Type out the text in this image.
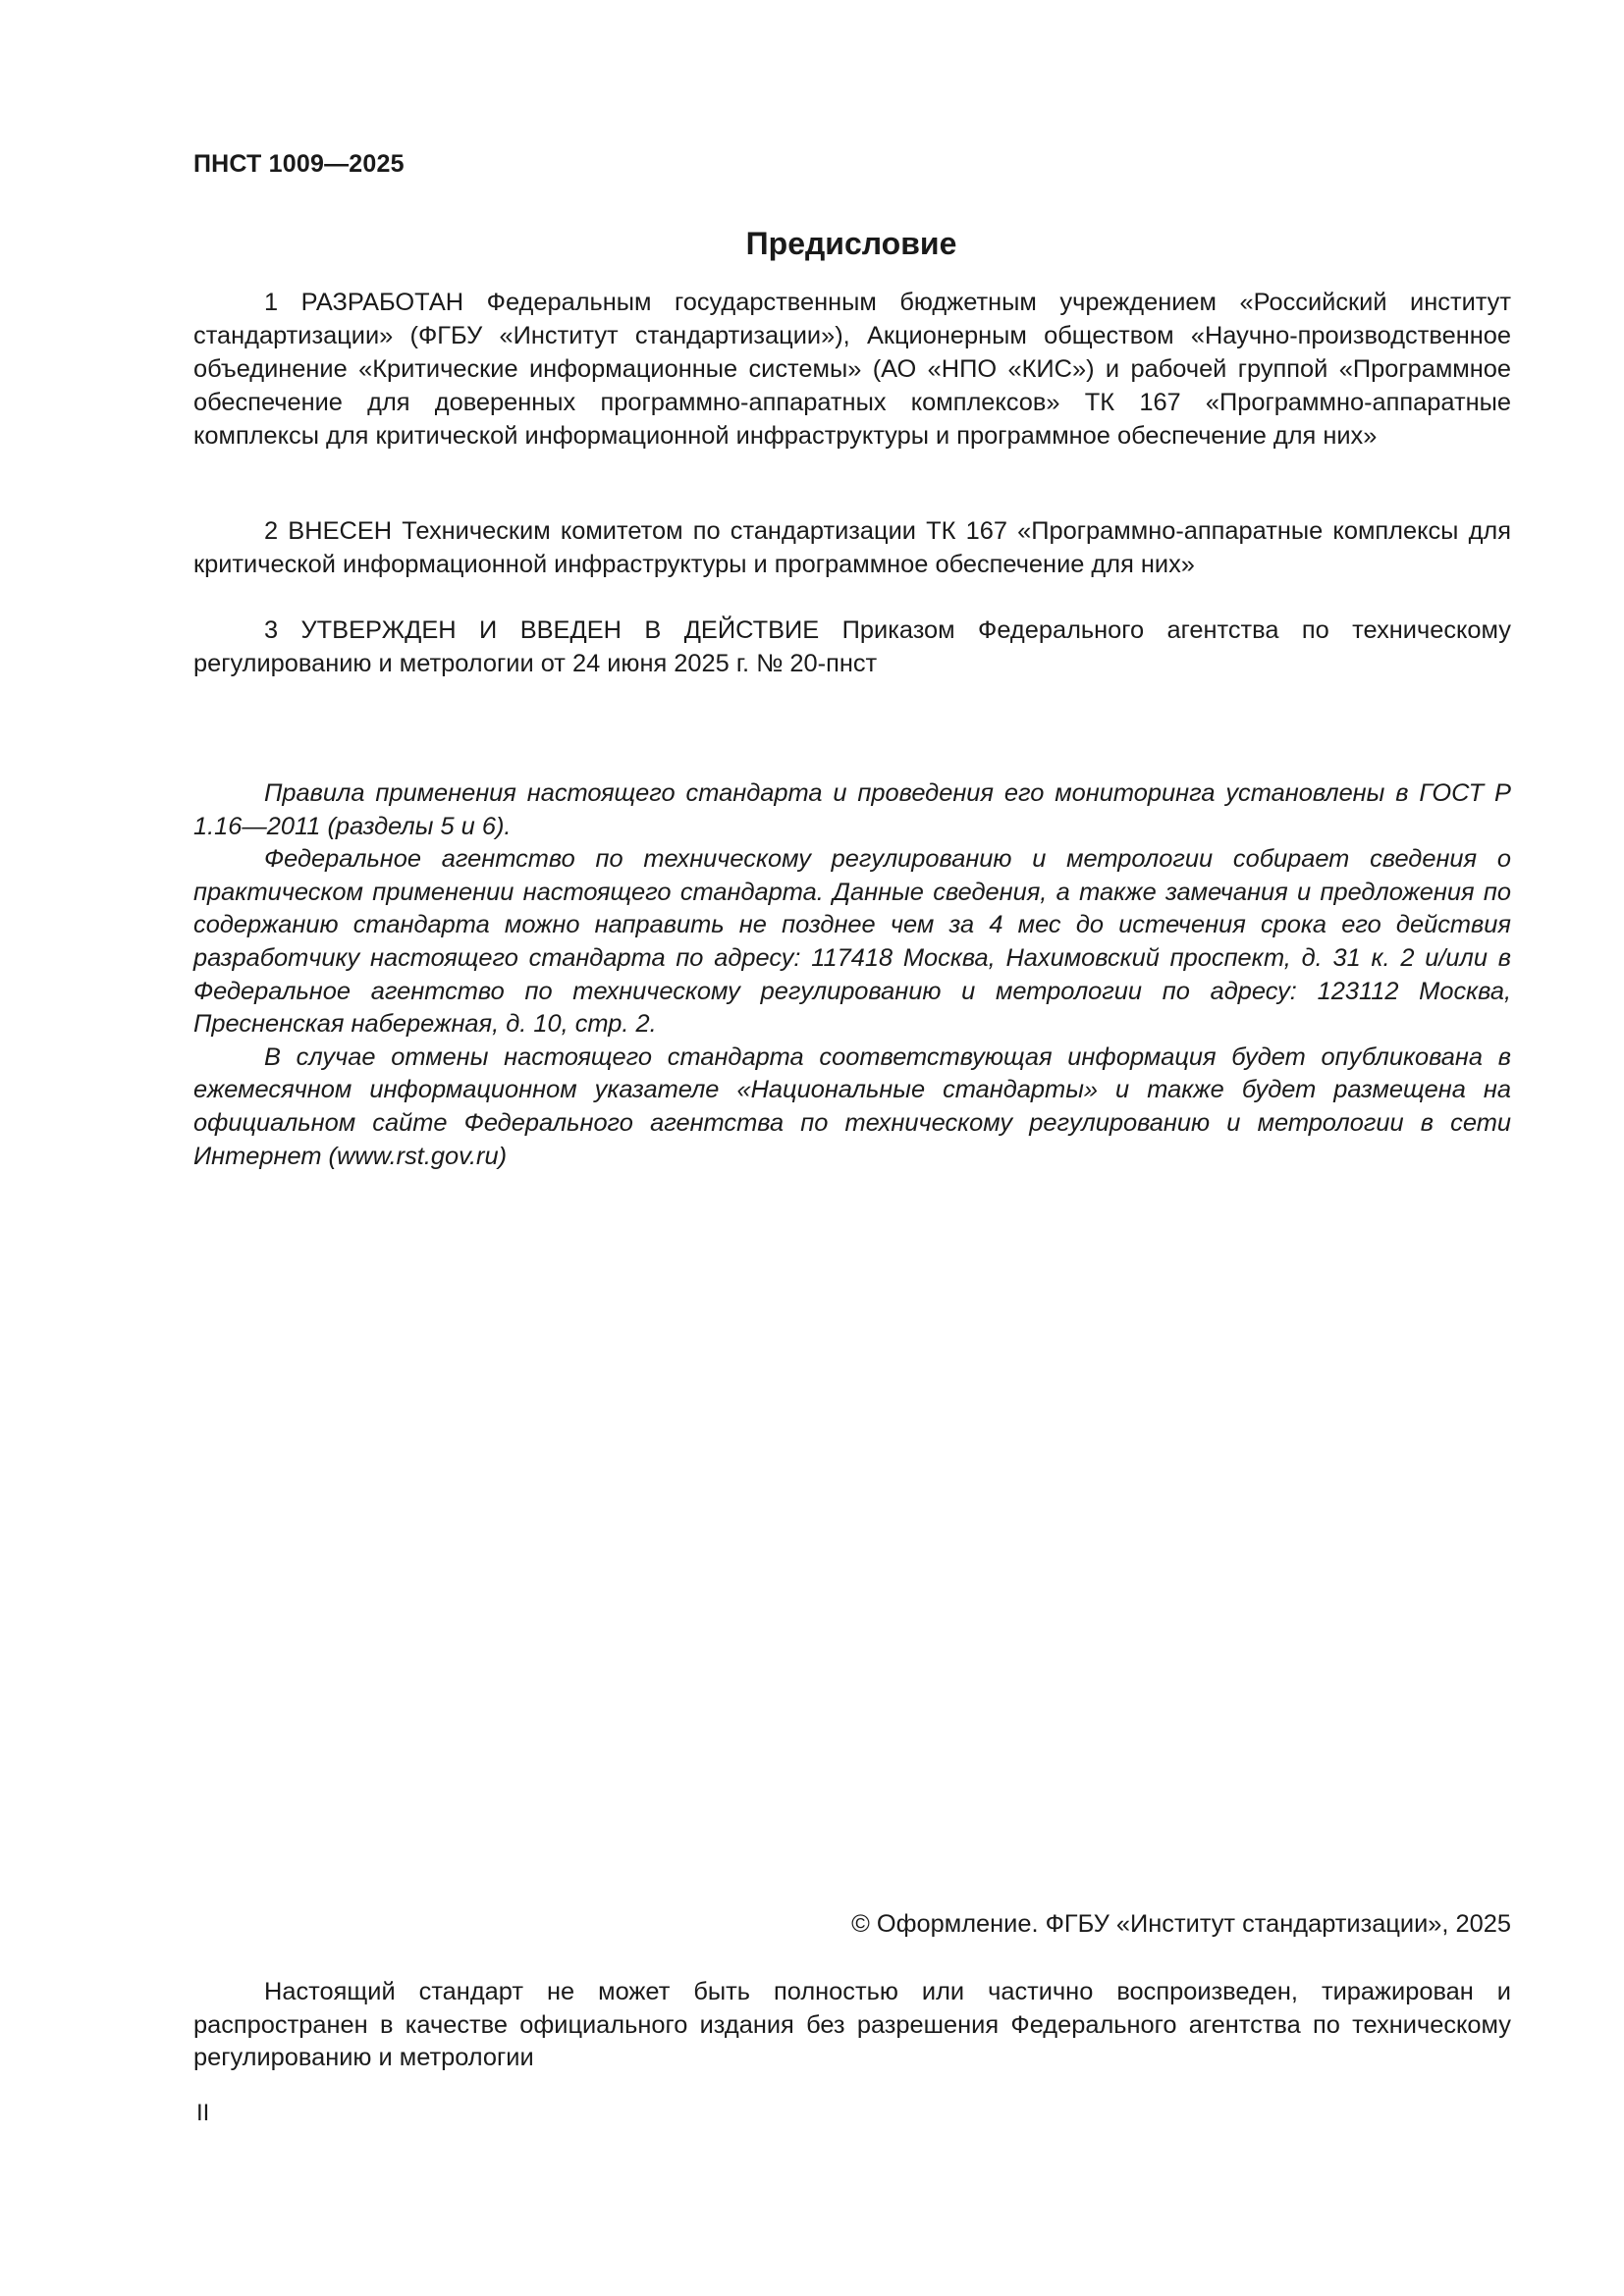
ПНСТ 1009—2025
Предисловие

1 РАЗРАБОТАН Федеральным государственным бюджетным учреждением «Российский институт стандартизации» (ФГБУ «Институт стандартизации»), Акционерным обществом «Научно-производственное объединение «Критические информационные системы» (АО «НПО «КИС») и рабочей группой «Программное обеспечение для доверенных программно-аппаратных комплексов» ТК 167 «Программно-аппаратные комплексы для критической информационной инфраструктуры и программное обеспечение для них»

2 ВНЕСЕН Техническим комитетом по стандартизации ТК 167 «Программно-аппаратные комплексы для критической информационной инфраструктуры и программное обеспечение для них»

3 УТВЕРЖДЕН И ВВЕДЕН В ДЕЙСТВИЕ Приказом Федерального агентства по техническому регулированию и метрологии от 24 июня 2025 г. № 20-пнст

Правила применения настоящего стандарта и проведения его мониторинга установлены в ГОСТ Р 1.16—2011 (разделы 5 и 6).

Федеральное агентство по техническому регулированию и метрологии собирает сведения о практическом применении настоящего стандарта. Данные сведения, а также замечания и предложения по содержанию стандарта можно направить не позднее чем за 4 мес до истечения срока его действия разработчику настоящего стандарта по адресу: 117418 Москва, Нахимовский проспект, д. 31 к. 2 и/или в Федеральное агентство по техническому регулированию и метрологии по адресу: 123112 Москва, Пресненская набережная, д. 10, стр. 2.

В случае отмены настоящего стандарта соответствующая информация будет опубликована в ежемесячном информационном указателе «Национальные стандарты» и также будет размещена на официальном сайте Федерального агентства по техническому регулированию и метрологии в сети Интернет (www.rst.gov.ru)

© Оформление. ФГБУ «Институт стандартизации», 2025

Настоящий стандарт не может быть полностью или частично воспроизведен, тиражирован и распространен в качестве официального издания без разрешения Федерального агентства по техническому регулированию и метрологии

II
